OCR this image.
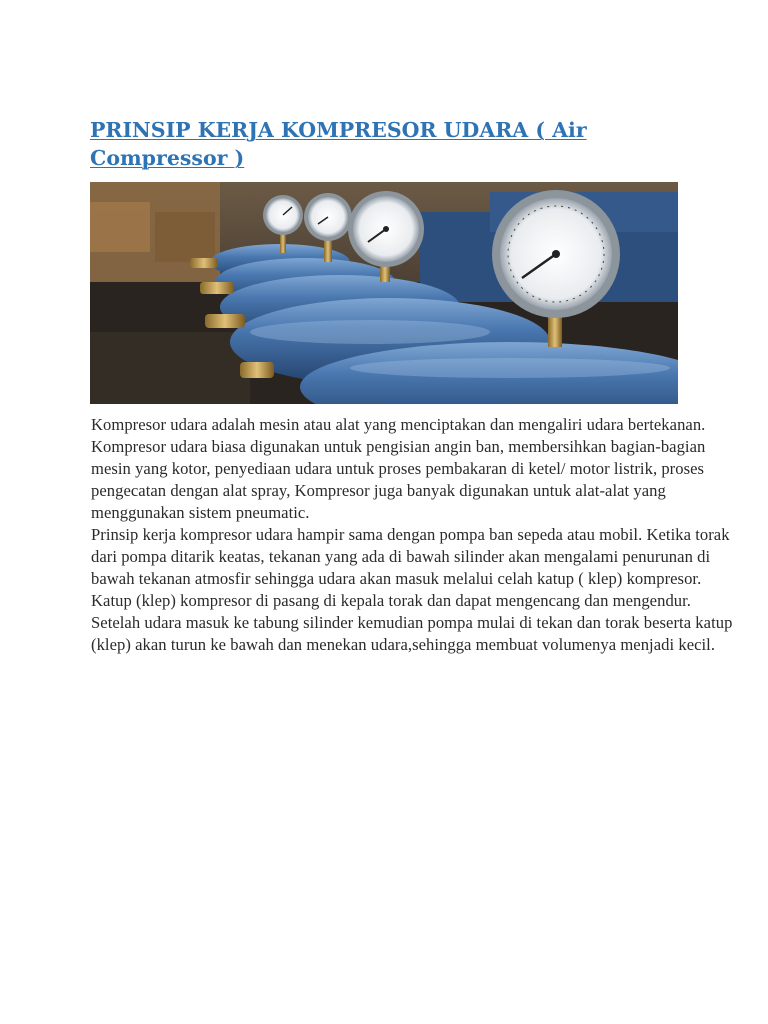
PRINSIP KERJA KOMPRESOR UDARA ( Air Compressor )

Kompresor udara adalah mesin atau alat yang menciptakan dan mengaliri udara bertekanan. Kompresor udara biasa digunakan untuk pengisian angin ban, membersihkan bagian-bagian mesin yang kotor, penyediaan udara untuk proses pembakaran di ketel/ motor listrik, proses pengecatan dengan alat spray, Kompresor juga banyak digunakan untuk alat-alat yang menggunakan sistem pneumatic.

Prinsip kerja kompresor udara hampir sama dengan pompa ban sepeda atau mobil. Ketika torak dari pompa ditarik keatas, tekanan yang ada di bawah silinder akan mengalami penurunan di bawah tekanan atmosfir sehingga udara akan masuk melalui celah katup ( klep) kompresor. Katup (klep) kompresor di pasang di kepala torak dan dapat mengencang dan mengendur. Setelah udara masuk ke tabung silinder kemudian pompa mulai di tekan dan torak beserta katup (klep) akan turun ke bawah dan menekan udara,sehingga membuat volumenya menjadi kecil.
